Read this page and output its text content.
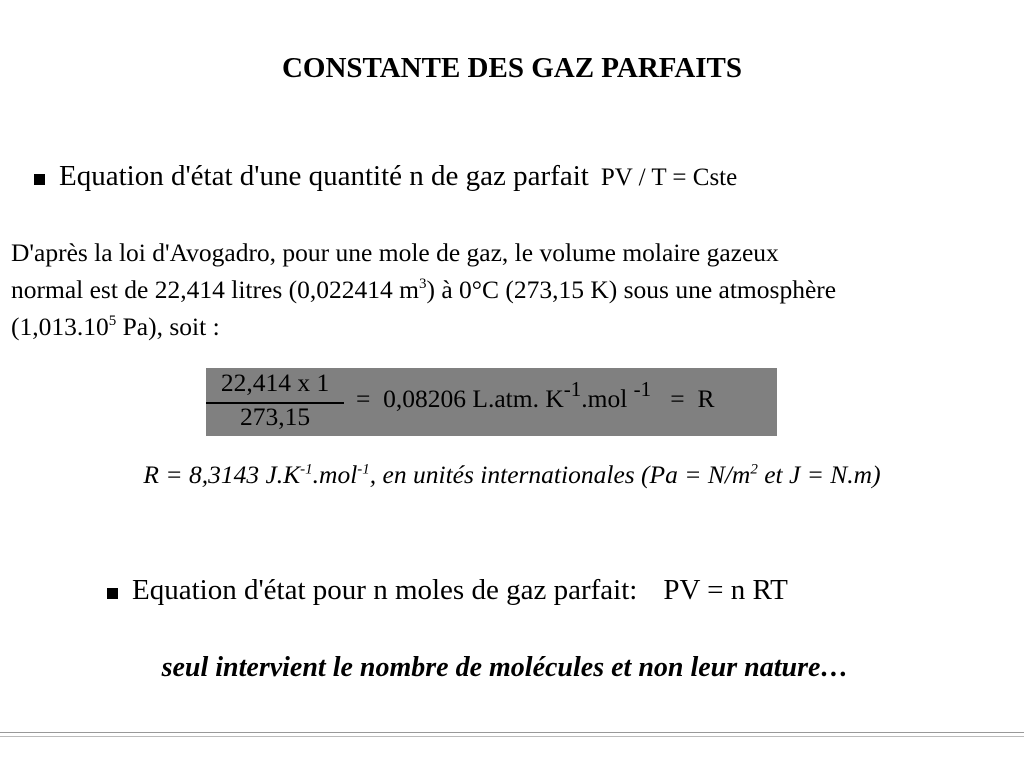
CONSTANTE DES GAZ PARFAITS
Equation d'état d'une quantité n de gaz parfait PV / T = Cste
D'après la loi d'Avogadro, pour une mole de gaz, le volume molaire gazeux
normal est de 22,414 litres (0,022414 $m^3$) à 0°C (273,15 K) sous une atmosphère
(1,013.10$^5$ Pa), soit :
22,414 x 1
273,15
= 0,08206 L.atm. $K^{-1}.mol$ $^{-1}$ = R
R = 8,3143 $J.K^{-1}.mol^{-1}$, en unités internationales ($Pa = N/m^2$ et J = N.m)
Equation d'état pour n moles de gaz parfait: PV = n RT
seul intervient le nombre de molécules et non leur nature…
